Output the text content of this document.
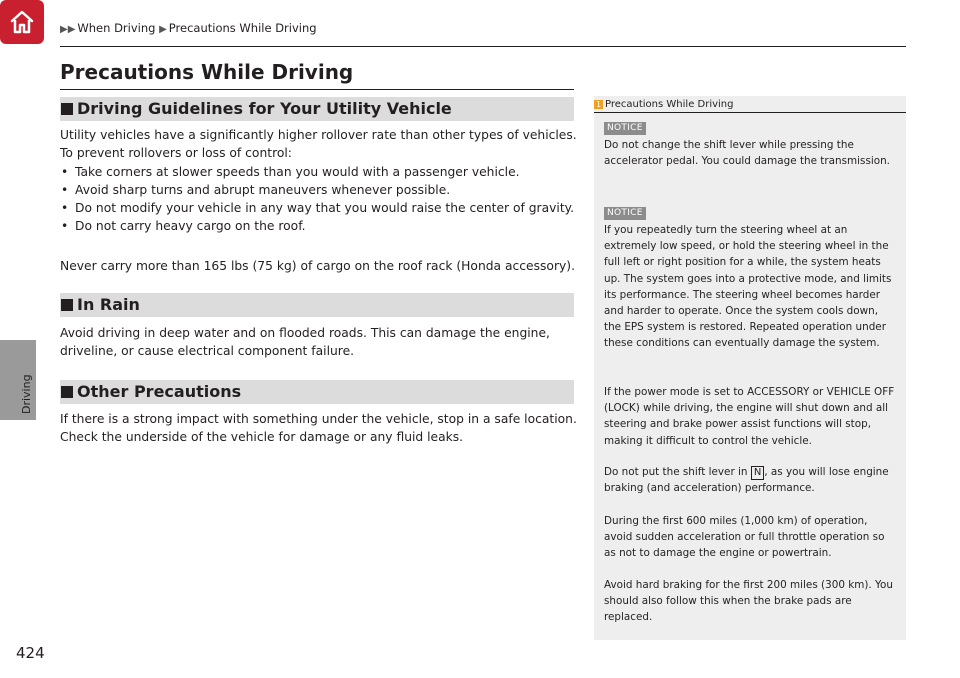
▶▶ When Driving ▶ Precautions While Driving
Driving
424
Precautions While Driving
Driving Guidelines for Your Utility Vehicle

Utility vehicles have a significantly higher rollover rate than other types of vehicles. To prevent rollovers or loss of control:

• Take corners at slower speeds than you would with a passenger vehicle.
• Avoid sharp turns and abrupt maneuvers whenever possible.
• Do not modify your vehicle in any way that you would raise the center of gravity.
• Do not carry heavy cargo on the roof.
Never carry more than 165 lbs (75 kg) of cargo on the roof rack (Honda accessory).
In Rain
Avoid driving in deep water and on flooded roads. This can damage the engine, driveline, or cause electrical component failure.
Other Precautions
If there is a strong impact with something under the vehicle, stop in a safe location. Check the underside of the vehicle for damage or any fluid leaks.
1 Precautions While Driving
NOTICE
Do not change the shift lever while pressing the accelerator pedal. You could damage the transmission.
NOTICE
If you repeatedly turn the steering wheel at an extremely low speed, or hold the steering wheel in the full left or right position for a while, the system heats up. The system goes into a protective mode, and limits its performance. The steering wheel becomes harder and harder to operate. Once the system cools down, the EPS system is restored. Repeated operation under these conditions can eventually damage the system.
If the power mode is set to ACCESSORY or VEHICLE OFF (LOCK) while driving, the engine will shut down and all steering and brake power assist functions will stop, making it difficult to control the vehicle.
Do not put the shift lever in N , as you will lose engine braking (and acceleration) performance.
During the first 600 miles (1,000 km) of operation, avoid sudden acceleration or full throttle operation so as not to damage the engine or powertrain.
Avoid hard braking for the first 200 miles (300 km). You should also follow this when the brake pads are replaced.
